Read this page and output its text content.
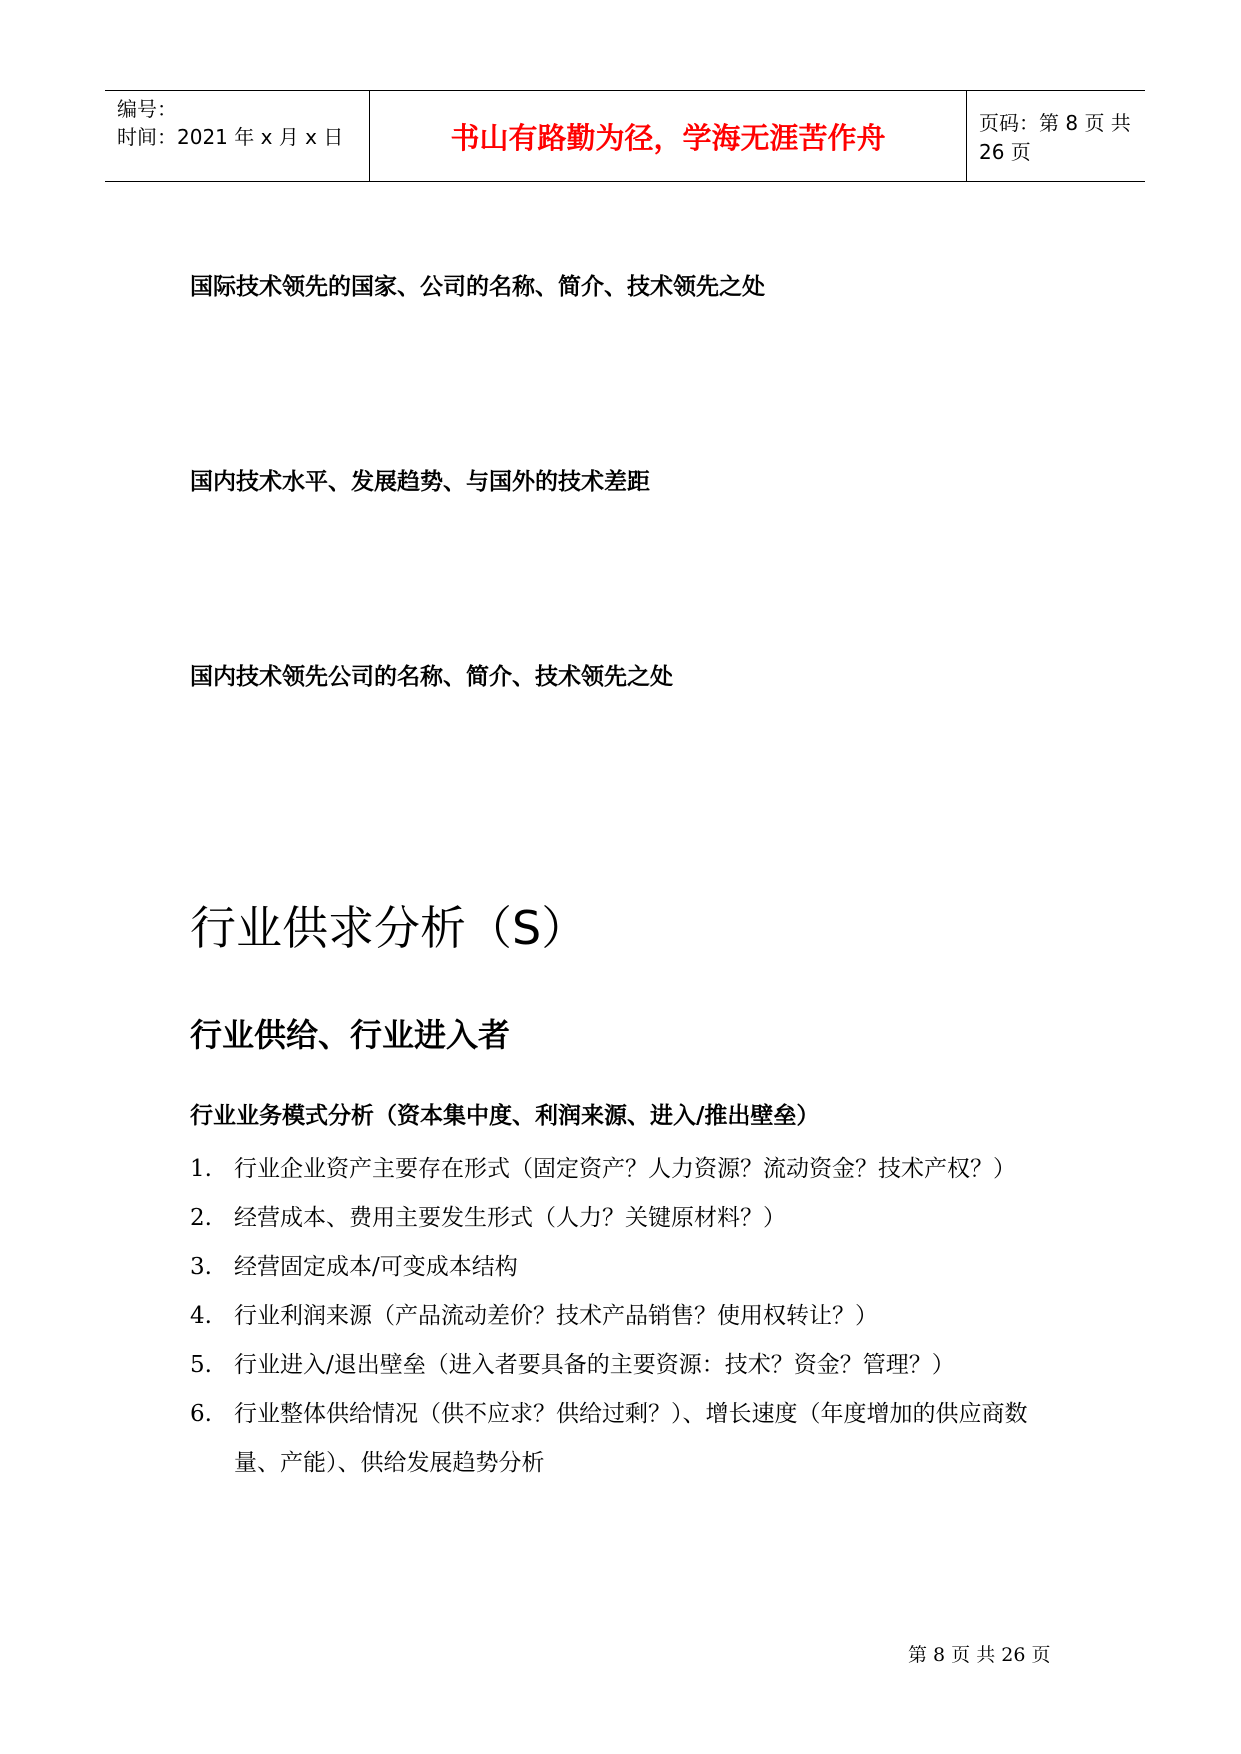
编号：
时间：2021 年 x 月 x 日	书山有路勤为径，学海无涯苦作舟	页码：第 8 页 共 26 页
国际技术领先的国家、公司的名称、简介、技术领先之处
国内技术水平、发展趋势、与国外的技术差距
国内技术领先公司的名称、简介、技术领先之处
行业供求分析（S）
行业供给、行业进入者
行业业务模式分析（资本集中度、利润来源、进入/推出壁垒）
1. 行业企业资产主要存在形式（固定资产？人力资源？流动资金？技术产权？）
2. 经营成本、费用主要发生形式（人力？关键原材料？）
3. 经营固定成本/可变成本结构
4. 行业利润来源（产品流动差价？技术产品销售？使用权转让？）
5. 行业进入/退出壁垒（进入者要具备的主要资源：技术？资金？管理？）
6. 行业整体供给情况（供不应求？供给过剩？）、增长速度（年度增加的供应商数量、产能）、供给发展趋势分析
第 8 页 共 26 页
